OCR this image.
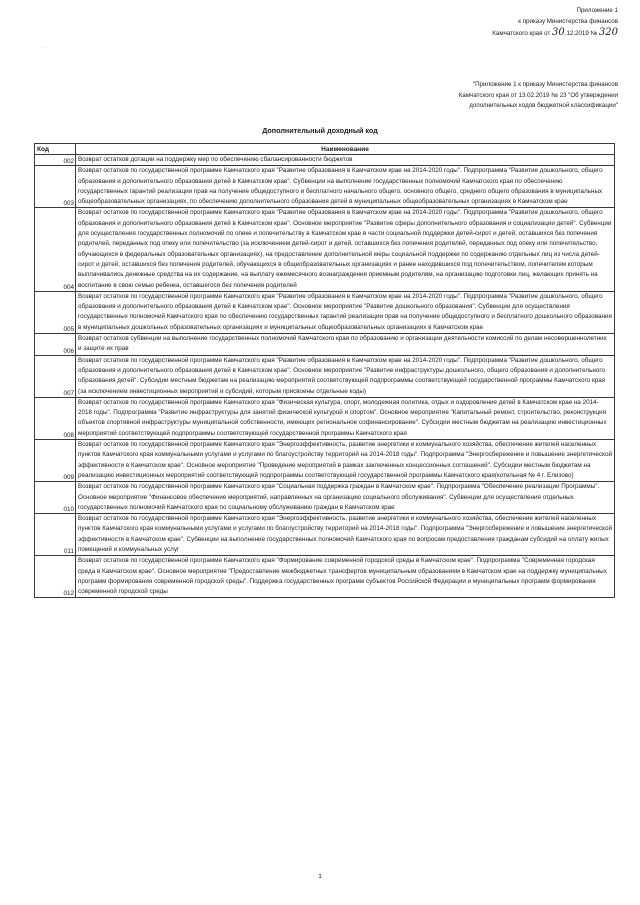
Приложение 1
к приказу Министерства финансов
Камчатского края от 30.12.2019 № 320
· ·
"Приложение 1 к приказу Министерства финансов
Камчатского края от 13.02.2019 № 23 "Об утверждении
дополнительных кодов бюджетной классификации"
Дополнительный доходный код
Код	Наименование
002	Возврат остатков дотации на поддержку мер по обеспечению сбалансированности бюджетов
003	Возврат остатков по государственной программе Камчатского края "Развитие образования в Камчатском крае на 2014-2020 годы". Подпрограмма "Развитие дошкольного, общего образования и дополнительного образования детей в Камчатском крае". Субвенции на выполнение государственных полномочий Камчатского края по обеспечению государственных гарантий реализации прав на получение общедоступного и бесплатного начального общего, основного общего, среднего общего образования в муниципальных общеобразовательных организациях, по обеспечению дополнительного образования детей в муниципальных общеобразовательных организациях в Камчатском крае
004	Возврат остатков по государственной программе Камчатского края "Развитие образования в Камчатском крае на 2014-2020 годы". Подпрограмма "Развитие дошкольного, общего образования и дополнительного образования детей в Камчатском крае". Основное мероприятие "Развитие сферы дополнительного образования и социализации детей". Субвенции для осуществления государственных полномочий по опеке и попечительству в Камчатском крае в части социальной поддержки детей-сирот и детей, оставшихся без попечения родителей, переданных под опеку или попечительство (за исключением детей-сирот и детей, оставшихся без попечения родителей, переданных под опеку или попечительство, обучающихся в федеральных образовательных организациях), на предоставление дополнительной меры социальной поддержки по содержанию отдельных лиц из числа детей-сирот и детей, оставшихся без попечения родителей, обучающихся в общеобразовательных организациях и ранее находившихся под попечительством, попечителям которым выплачивались денежные средства на их содержание, на выплату ежемесячного вознаграждения приемным родителям, на организацию подготовки лиц, желающих принять на воспитание в свою семью ребенка, оставшегося без попечения родителей
005	Возврат остатков по государственной программе Камчатского края "Развитие образования в Камчатском крае на 2014-2020 годы". Подпрограмма "Развитие дошкольного, общего образования и дополнительного образования детей в Камчатском крае". Основное мероприятие "Развитие дошкольного образования". Субвенции для осуществления государственных полномочий Камчатского края по обеспечению государственных гарантий реализации прав на получение общедоступного и бесплатного дошкольного образования в муниципальных дошкольных образовательных организациях и муниципальных общеобразовательных организациях в Камчатском крае
006	Возврат остатков субвенции на выполнение государственных полномочий Камчатского края по образованию и организации деятельности комиссий по делам несовершеннолетних и защите их прав
007	Возврат остатков по государственной программе Камчатского края "Развитие образования в Камчатском крае на 2014-2020 годы". Подпрограмма "Развитие дошкольного, общего образования и дополнительного образования детей в Камчатском крае". Основное мероприятие "Развитие инфраструктуры дошкольного, общего образования и дополнительного образования детей". Субсидии местным бюджетам на реализацию мероприятий соответствующей подпрограммы соответствующей государственной программы Камчатского края (за исключением инвестиционных мероприятий и субсидий, которым присвоены отдельные коды)
008	Возврат остатков по государственной программе Камчатского края "Физическая культура, спорт, молодежная политика, отдых и оздоровление детей в Камчатском крае на 2014-2018 годы". Подпрограмма "Развитие инфраструктуры для занятий физической культурой и спортом". Основное мероприятие "Капитальный ремонт, строительство, реконструкция объектов спортивной инфраструктуры муниципальной собственности, имеющих региональное софинансирование". Субсидии местным бюджетам на реализацию инвестиционных мероприятий соответствующей подпрограммы соответствующей государственной программы Камчатского края
009	Возврат остатков по государственной программе Камчатского края "Энергоэффективность, развитие энергетики и коммунального хозяйства, обеспечение жителей населенных пунктов Камчатского края коммунальными услугами и услугами по благоустройству территорий на 2014-2018 годы". Подпрограмма "Энергосбережение и повышение энергетической эффективности в Камчатском крае". Основное мероприятие "Проведение мероприятий в рамках заключенных концессионных соглашений". Субсидии местным бюджетам на реализацию инвестиционных мероприятий соответствующей подпрограммы соответствующей государственной программы Камчатского края(котельная № 4 г. Елизово)
010	Возврат остатков по государственной программе Камчатского края "Социальная поддержка граждан в Камчатском крае". Подпрограмма "Обеспечение реализации Программы". Основное мероприятие "Финансовое обеспечение мероприятий, направленных на организацию социального обслуживания". Субвенции для осуществления отдельных государственных полномочий Камчатского края по социальному обслуживанию граждан в Камчатском крае
011	Возврат остатков по государственной программе Камчатского края "Энергоэффективность, развитие энергетики и коммунального хозяйства, обеспечение жителей населенных пунктов Камчатского края коммунальными услугами и услугами по благоустройству территорий на 2014-2018 годы". Подпрограмма "Энергосбережение и повышение энергетической эффективности в Камчатском крае". Субвенции на выполнение государственных полномочий Камчатского края по вопросам предоставления гражданам субсидий на оплату жилых помещений и коммунальных услуг
012	Возврат остатков по государственной программе Камчатского края "Формирование современной городской среды в Камчатском крае". Подпрограмма "Современная городская среда в Камчатском крае". Основное мероприятие "Предоставление межбюджетных трансфертов муниципальным образованиям в Камчатском крае на поддержку муниципальных программ формирования современной городской среды". Поддержка государственных программ субъектов Российской Федерации и муниципальных программ формирования современной городской среды
1
